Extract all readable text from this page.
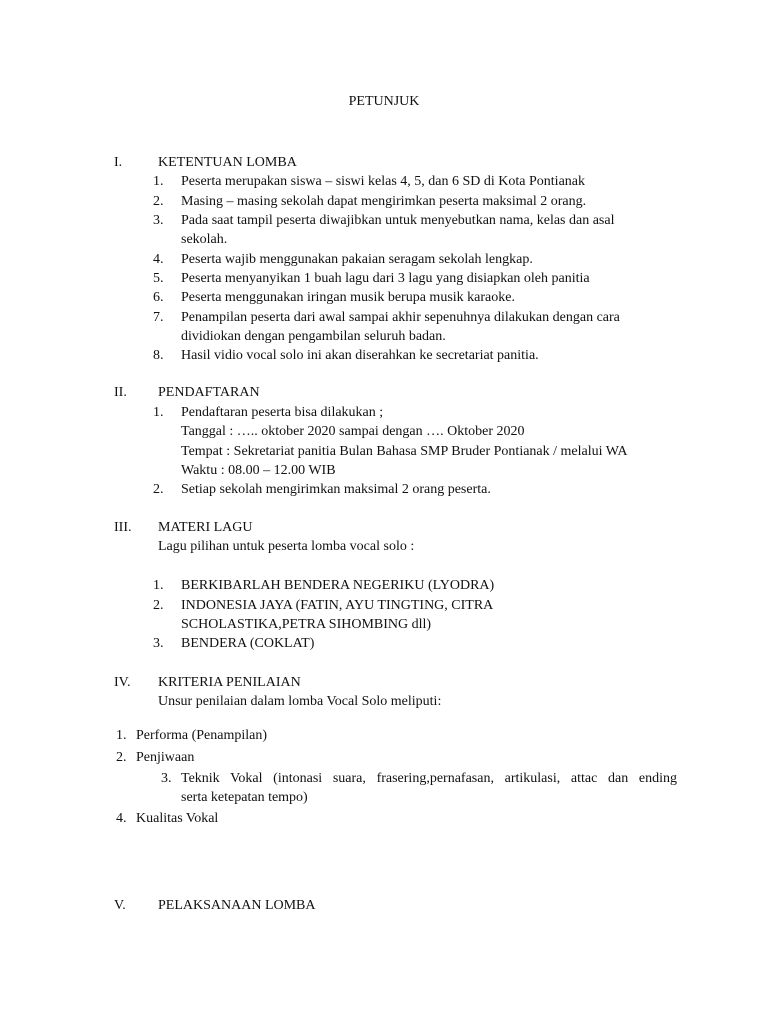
PETUNJUK
I.	KETENTUAN LOMBA
1. Peserta merupakan siswa – siswi kelas 4, 5, dan 6 SD di Kota Pontianak
2. Masing – masing sekolah dapat mengirimkan peserta maksimal 2 orang.
3. Pada saat tampil peserta diwajibkan untuk menyebutkan nama, kelas dan asal
sekolah.
4. Peserta wajib menggunakan pakaian seragam sekolah lengkap.
5. Peserta menyanyikan 1 buah lagu dari 3 lagu yang disiapkan oleh panitia
6. Peserta menggunakan iringan musik berupa musik karaoke.
7. Penampilan peserta dari awal sampai akhir sepenuhnya dilakukan dengan cara
dividiokan dengan pengambilan seluruh badan.
8. Hasil vidio vocal solo ini akan diserahkan ke secretariat panitia.
II. PENDAFTARAN
1. Pendaftaran peserta bisa dilakukan ;
Tanggal : ….. oktober 2020 sampai dengan …. Oktober 2020
Tempat : Sekretariat panitia Bulan Bahasa SMP Bruder Pontianak / melalui WA
Waktu : 08.00 – 12.00 WIB
2. Setiap sekolah mengirimkan maksimal 2 orang peserta.
III. MATERI LAGU
Lagu pilihan untuk peserta lomba vocal solo :
1. BERKIBARLAH BENDERA NEGERIKU (LYODRA)
2. INDONESIA JAYA (FATIN, AYU TINGTING, CITRA
SCHOLASTIKA,PETRA SIHOMBING dll)
3. BENDERA (COKLAT)
IV. KRITERIA PENILAIAN
Unsur penilaian dalam lomba Vocal Solo meliputi:
1. Performa (Penampilan)
2. Penjiwaan
3. Teknik Vokal (intonasi suara, frasering,pernafasan, artikulasi, attac dan ending
serta ketepatan tempo)
4. Kualitas Vokal
V. PELAKSANAAN LOMBA
